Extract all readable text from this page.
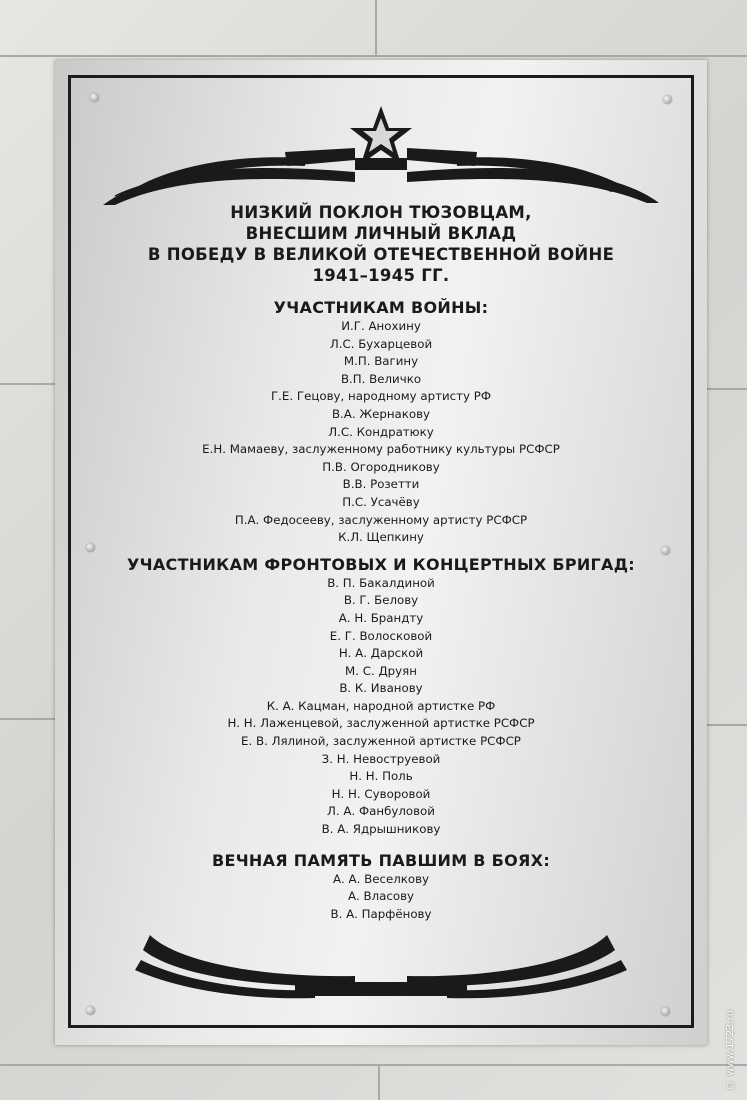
НИЗКИЙ ПОКЛОН ТЮЗОВЦАМ,
ВНЕСШИМ ЛИЧНЫЙ ВКЛАД
В ПОБЕДУ В ВЕЛИКОЙ ОТЕЧЕСТВЕННОЙ ВОЙНЕ
1941–1945 ГГ.
УЧАСТНИКАМ ВОЙНЫ:
И.Г. Анохину
Л.С. Бухарцевой
М.П. Вагину
В.П. Величко
Г.Е. Гецову, народному артисту РФ
В.А. Жернакову
Л.С. Кондратюку
Е.Н. Мамаеву, заслуженному работнику культуры РСФСР
П.В. Огородникову
В.В. Розетти
П.С. Усачёву
П.А. Федосееву, заслуженному артисту РСФСР
К.Л. Щепкину
УЧАСТНИКАМ ФРОНТОВЫХ И КОНЦЕРТНЫХ БРИГАД:
В. П. Бакалдиной
В. Г. Белову
А. Н. Брандту
Е. Г. Волосковой
Н. А. Дарской
М. С. Друян
В. К. Иванову
К. А. Кацман, народной артистке РФ
Н. Н. Лаженцевой, заслуженной артистке РСФСР
Е. В. Лялиной, заслуженной артистке РСФСР
З. Н. Невоструевой
Н. Н. Поль
Н. Н. Суворовой
Л. А. Фанбуловой
В. А. Ядрышникову
ВЕЧНАЯ ПАМЯТЬ ПАВШИМ В БОЯХ:
А. А. Веселкову
А. Власову
В. А. Парфёнову
© www.1723.ru
